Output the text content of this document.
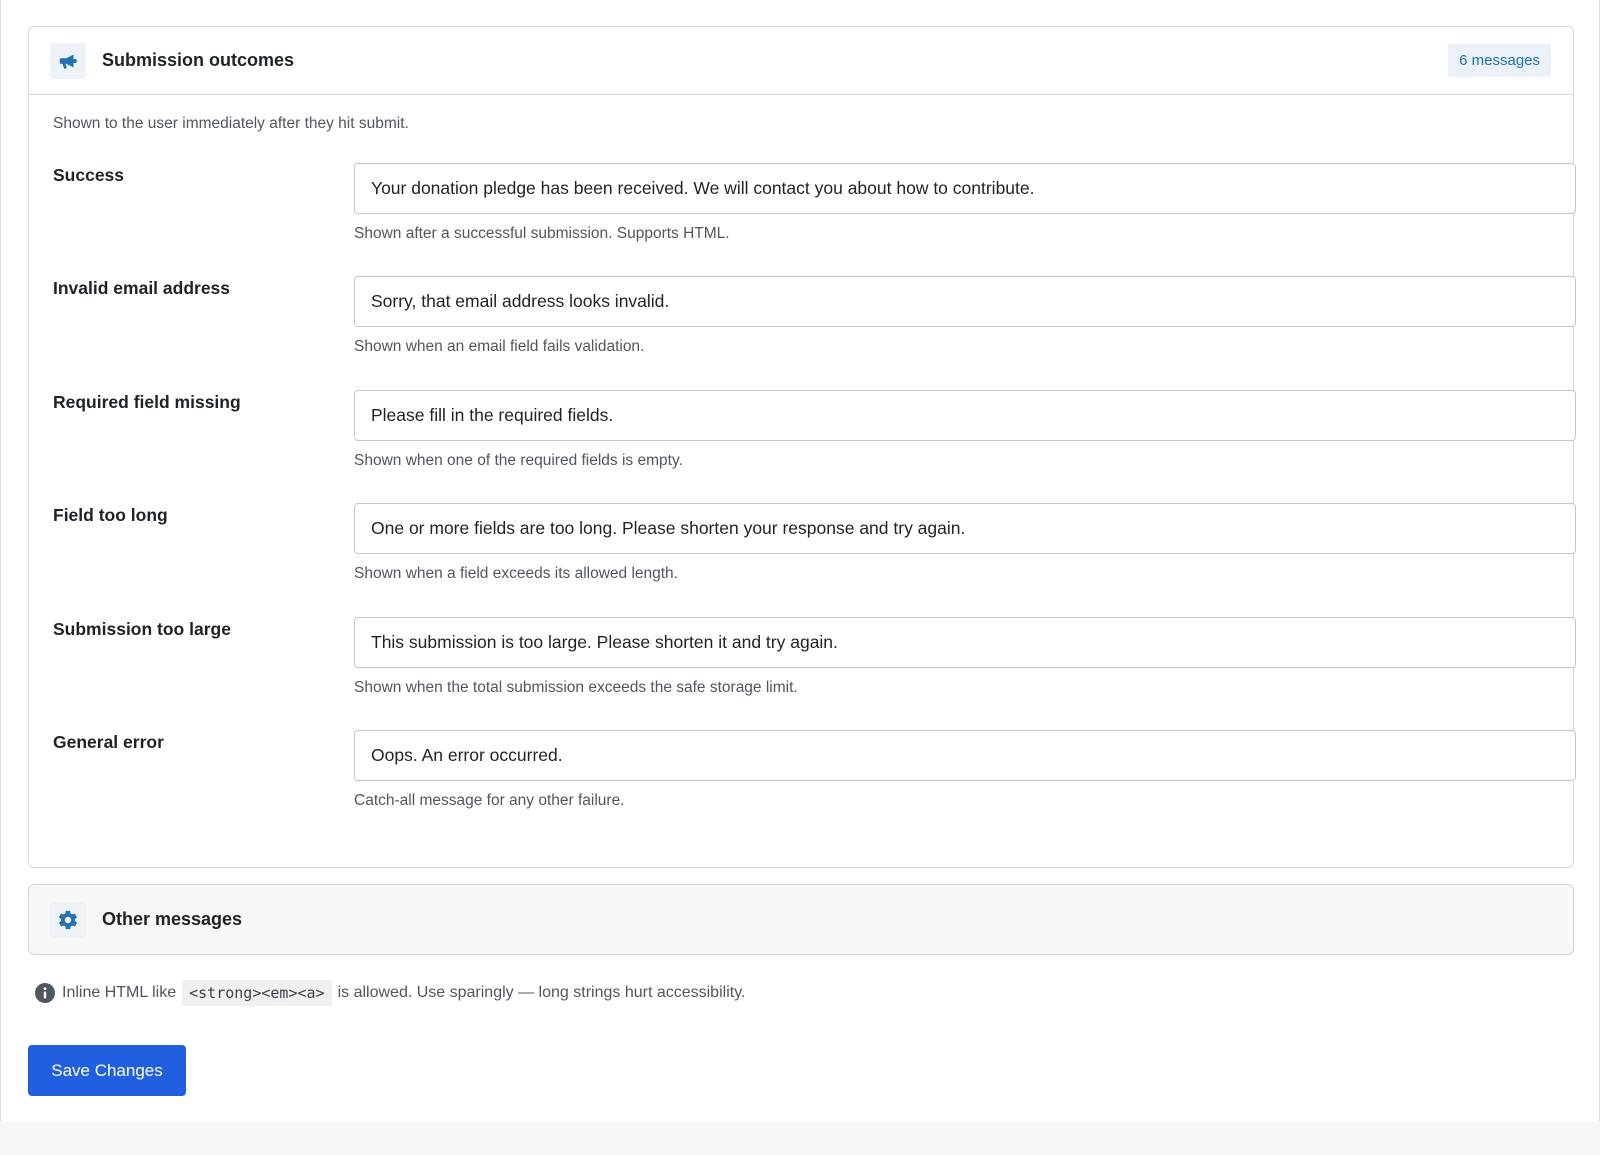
Submission outcomes	6 messages
Shown to the user immediately after they hit submit.
Success
Your donation pledge has been received. We will contact you about how to contribute.
Shown after a successful submission. Supports HTML.
Invalid email address
Sorry, that email address looks invalid.
Shown when an email field fails validation.
Required field missing
Please fill in the required fields.
Shown when one of the required fields is empty.
Field too long
One or more fields are too long. Please shorten your response and try again.
Shown when a field exceeds its allowed length.
Submission too large
This submission is too large. Please shorten it and try again.
Shown when the total submission exceeds the safe storage limit.
General error
Oops. An error occurred.
Catch-all message for any other failure.
Other messages
Inline HTML like <strong><em><a> is allowed. Use sparingly — long strings hurt accessibility.
Save Changes
